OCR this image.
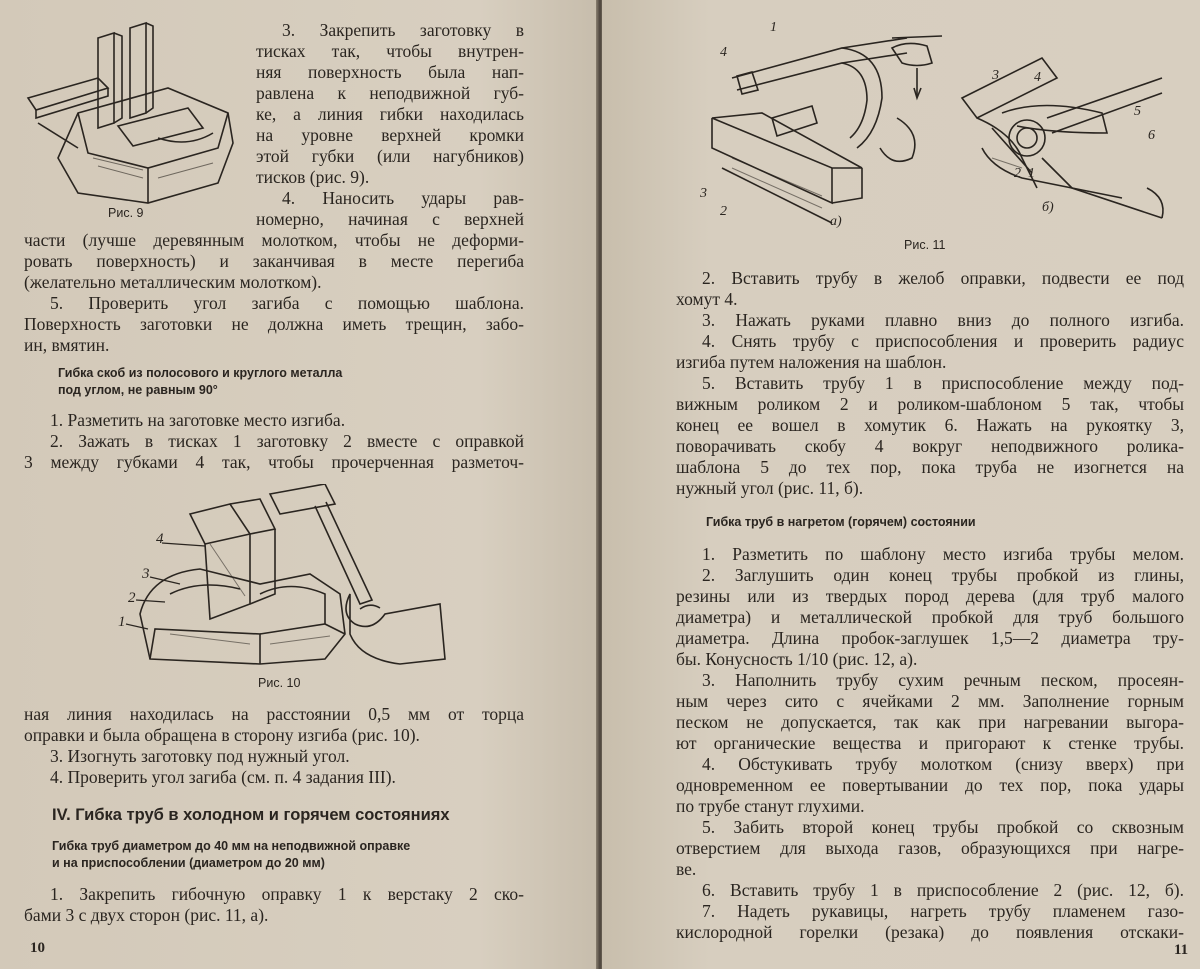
Рис. 9
3. Закрепить заготовку в
тисках так, чтобы внутрен-
няя поверхность была нап-
равлена к неподвижной губ-
ке, а линия гибки находилась
на уровне верхней кромки
этой губки (или нагубников)
тисков (рис. 9).
4. Наносить удары рав-
номерно, начиная с верхней
части (лучше деревянным молотком, чтобы не деформи-
ровать поверхность) и заканчивая в месте перегиба
(желательно металлическим молотком).
5. Проверить угол загиба с помощью шаблона.
Поверхность заготовки не должна иметь трещин, забо-
ин, вмятин.
Гибка скоб из полосового и круглого металла
под углом, не равным 90°
1. Разметить на заготовке место изгиба.
2. Зажать в тисках 1 заготовку 2 вместе с оправкой
3 между губками 4 так, чтобы прочерченная разметоч-
4
3
2
1
Рис. 10
ная линия находилась на расстоянии 0,5 мм от торца
оправки и была обращена в сторону изгиба (рис. 10).
3. Изогнуть заготовку под нужный угол.
4. Проверить угол загиба (см. п. 4 задания III).
IV. Гибка труб в холодном и горячем состояниях
Гибка труб диаметром до 40 мм на неподвижной оправке
и на приспособлении (диаметром до 20 мм)
1. Закрепить гибочную оправку 1 к верстаку 2 ско-
бами 3 с двух сторон (рис. 11, а).
10
1
4
3
2
а)
3	4
5
6
2 1
б)
Рис. 11
2. Вставить трубу в желоб оправки, подвести ее под
хомут 4.
3. Нажать руками плавно вниз до полного изгиба.
4. Снять трубу с приспособления и проверить радиус
изгиба путем наложения на шаблон.
5. Вставить трубу 1 в приспособление между под-
вижным роликом 2 и роликом-шаблоном 5 так, чтобы
конец ее вошел в хомутик 6. Нажать на рукоятку 3,
поворачивать скобу 4 вокруг неподвижного ролика-
шаблона 5 до тех пор, пока труба не изогнется на
нужный угол (рис. 11, б).
Гибка труб в нагретом (горячем) состоянии
1. Разметить по шаблону место изгиба трубы мелом.
2. Заглушить один конец трубы пробкой из глины,
резины или из твердых пород дерева (для труб малого
диаметра) и металлической пробкой для труб большого
диаметра. Длина пробок-заглушек 1,5—2 диаметра тру-
бы. Конусность 1/10 (рис. 12, а).
3. Наполнить трубу сухим речным песком, просеян-
ным через сито с ячейками 2 мм. Заполнение горным
песком не допускается, так как при нагревании выгора-
ют органические вещества и пригорают к стенке трубы.
4. Обстукивать трубу молотком (снизу вверх) при
одновременном ее повертывании до тех пор, пока удары
по трубе станут глухими.
5. Забить второй конец трубы пробкой со сквозным
отверстием для выхода газов, образующихся при нагре-
ве.
6. Вставить трубу 1 в приспособление 2 (рис. 12, б).
7. Надеть рукавицы, нагреть трубу пламенем газо-
кислородной горелки (резака) до появления отскаки-
11
